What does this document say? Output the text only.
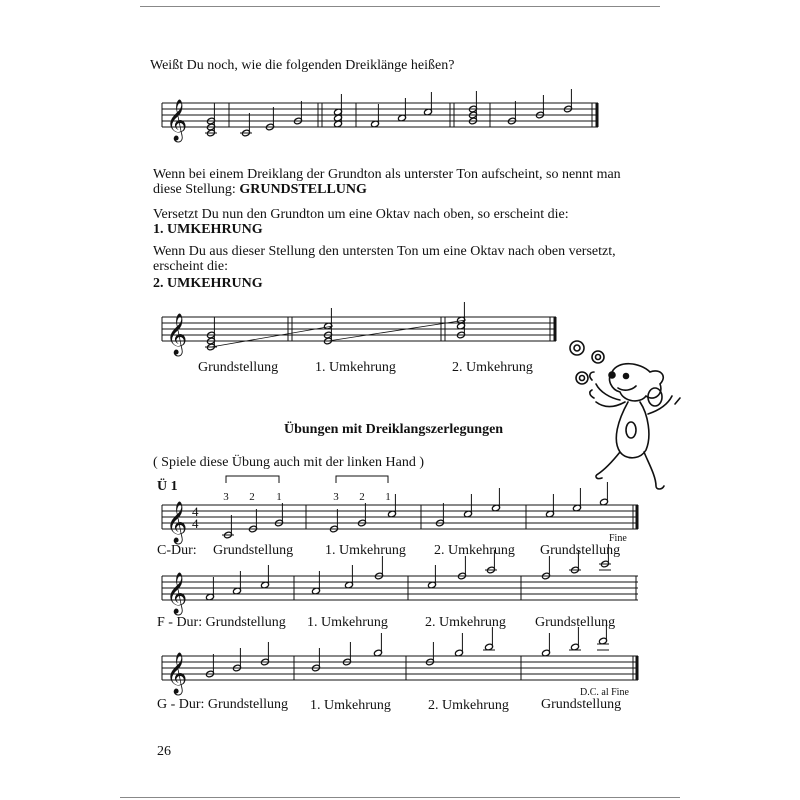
Weißt Du noch, wie die folgenden Dreiklänge heißen?
Wenn bei einem Dreiklang der Grundton als unterster Ton aufscheint, so nennt man
diese Stellung: GRUNDSTELLUNG
Versetzt Du nun den Grundton um eine Oktav nach oben, so erscheint die:
1. UMKEHRUNG
Wenn Du aus dieser Stellung den untersten Ton um eine Oktav nach oben versetzt,
erscheint die:
2. UMKEHRUNG
Grundstellung	1. Umkehrung	2. Umkehrung
Übungen mit Dreiklangszerlegungen
( Spiele diese Übung auch mit der linken Hand )
Ü 1
C-Dur: Grundstellung 1. Umkehrung 2. Umkehrung Grundstellung
F - Dur: Grundstellung 1. Umkehrung	2. Umkehrung Grundstellung
G - Dur: Grundstellung 1. Umkehrung	2. Umkehrung Grundstellung
26
𝄞
𝄞
𝄞 4
4
3 2 1	3 2 1
Fine
𝄞
𝄞	D.C. al Fine
